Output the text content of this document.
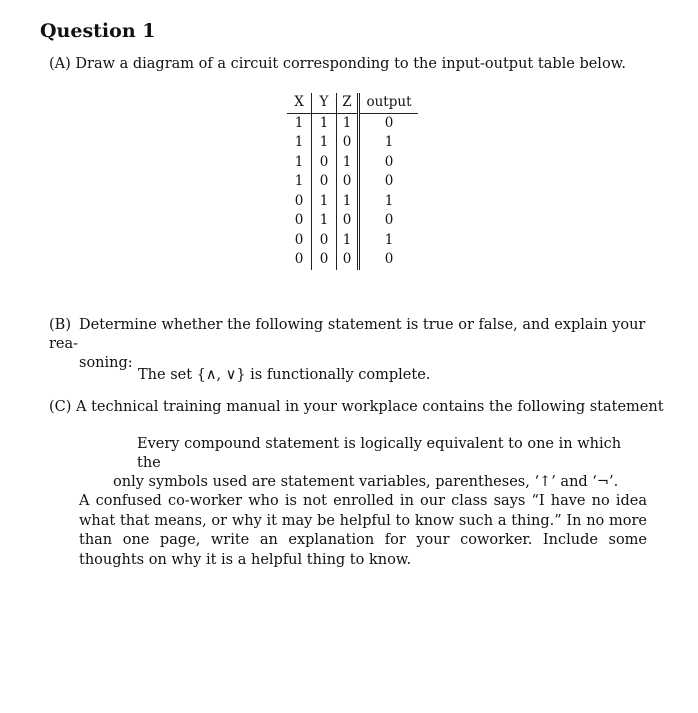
Question 1
(A) Draw a diagram of a circuit corresponding to the input-output table below.
X	Y	Z	output
1	1	1	0
1	1	0	1
1	0	1	0
1	0	0	0
0	1	1	1
0	1	0	0
0	0	1	1
0	0	0	0
(B) Determine whether the following statement is true or false, and explain your rea-
soning:
The set {∧, ∨} is functionally complete.
(C) A technical training manual in your workplace contains the following statement
Every compound statement is logically equivalent to one in which the
only symbols used are statement variables, parentheses, ‘↑’ and ‘¬’.
A confused co-worker who is not enrolled in our class says “I have no idea what that means, or why it may be helpful to know such a thing.” In no more than one page, write an explanation for your coworker. Include some thoughts on why it is a helpful thing to know.
